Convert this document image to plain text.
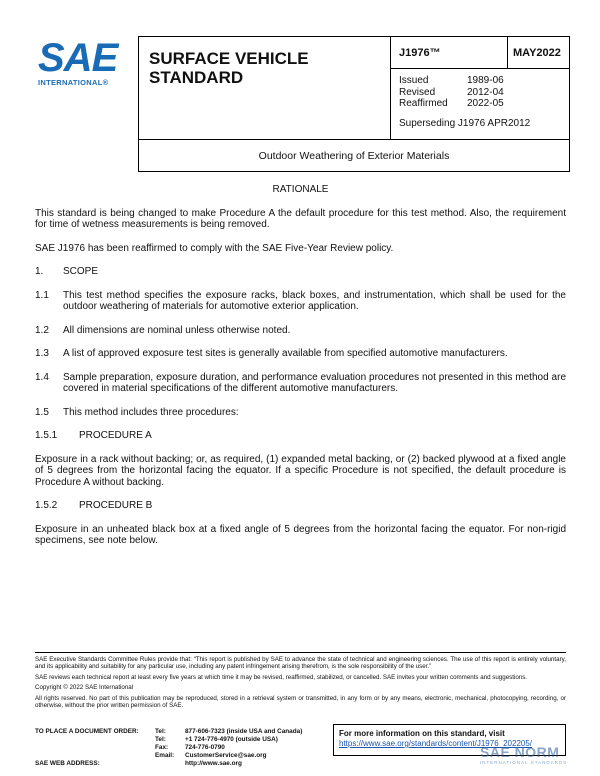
SAE
INTERNATIONAL®
SURFACE VEHICLE
STANDARD
J1976™	MAY2022
Issued	1989-06
Revised	2012-04
Reaffirmed	2022-05
Superseding J1976 APR2012
Outdoor Weathering of Exterior Materials
RATIONALE
This standard is being changed to make Procedure A the default procedure for this test method. Also, the requirement for time of wetness measurements is being removed.
SAE J1976 has been reaffirmed to comply with the SAE Five-Year Review policy.
1.	SCOPE
1.1	This test method specifies the exposure racks, black boxes, and instrumentation, which shall be used for the outdoor weathering of materials for automotive exterior application.
1.2	All dimensions are nominal unless otherwise noted.
1.3	A list of approved exposure test sites is generally available from specified automotive manufacturers.
1.4	Sample preparation, exposure duration, and performance evaluation procedures not presented in this method are covered in material specifications of the different automotive manufacturers.
1.5	This method includes three procedures:
1.5.1	PROCEDURE A
Exposure in a rack without backing; or, as required, (1) expanded metal backing, or (2) backed plywood at a fixed angle of 5 degrees from the horizontal facing the equator. If a specific Procedure is not specified, the default procedure is Procedure A without backing.
1.5.2	PROCEDURE B
Exposure in an unheated black box at a fixed angle of 5 degrees from the horizontal facing the equator. For non-rigid specimens, see note below.

SAE Executive Standards Committee Rules provide that: “This report is published by SAE to advance the state of technical and engineering sciences. The use of this report is entirely voluntary, and its applicability and suitability for any particular use, including any patent infringement arising therefrom, is the sole responsibility of the user.”

SAE reviews each technical report at least every five years at which time it may be revised, reaffirmed, stabilized, or cancelled. SAE invites your written comments and suggestions.

Copyright © 2022 SAE International

All rights reserved. No part of this publication may be reproduced, stored in a retrieval system or transmitted, in any form or by any means, electronic, mechanical, photocopying, recording, or otherwise, without the prior written permission of SAE.

TO PLACE A DOCUMENT ORDER:	Tel:	877-606-7323 (inside USA and Canada)
Tel:	+1 724-776-4970 (outside USA)
Fax:	724-776-0790
Email:	CustomerService@sae.org
SAE WEB ADDRESS:	http://www.sae.org
For more information on this standard, visit
https://www.sae.org/standards/content/J1976_202205/
SAE NORM
INTERNATIONAL STANDARDS
